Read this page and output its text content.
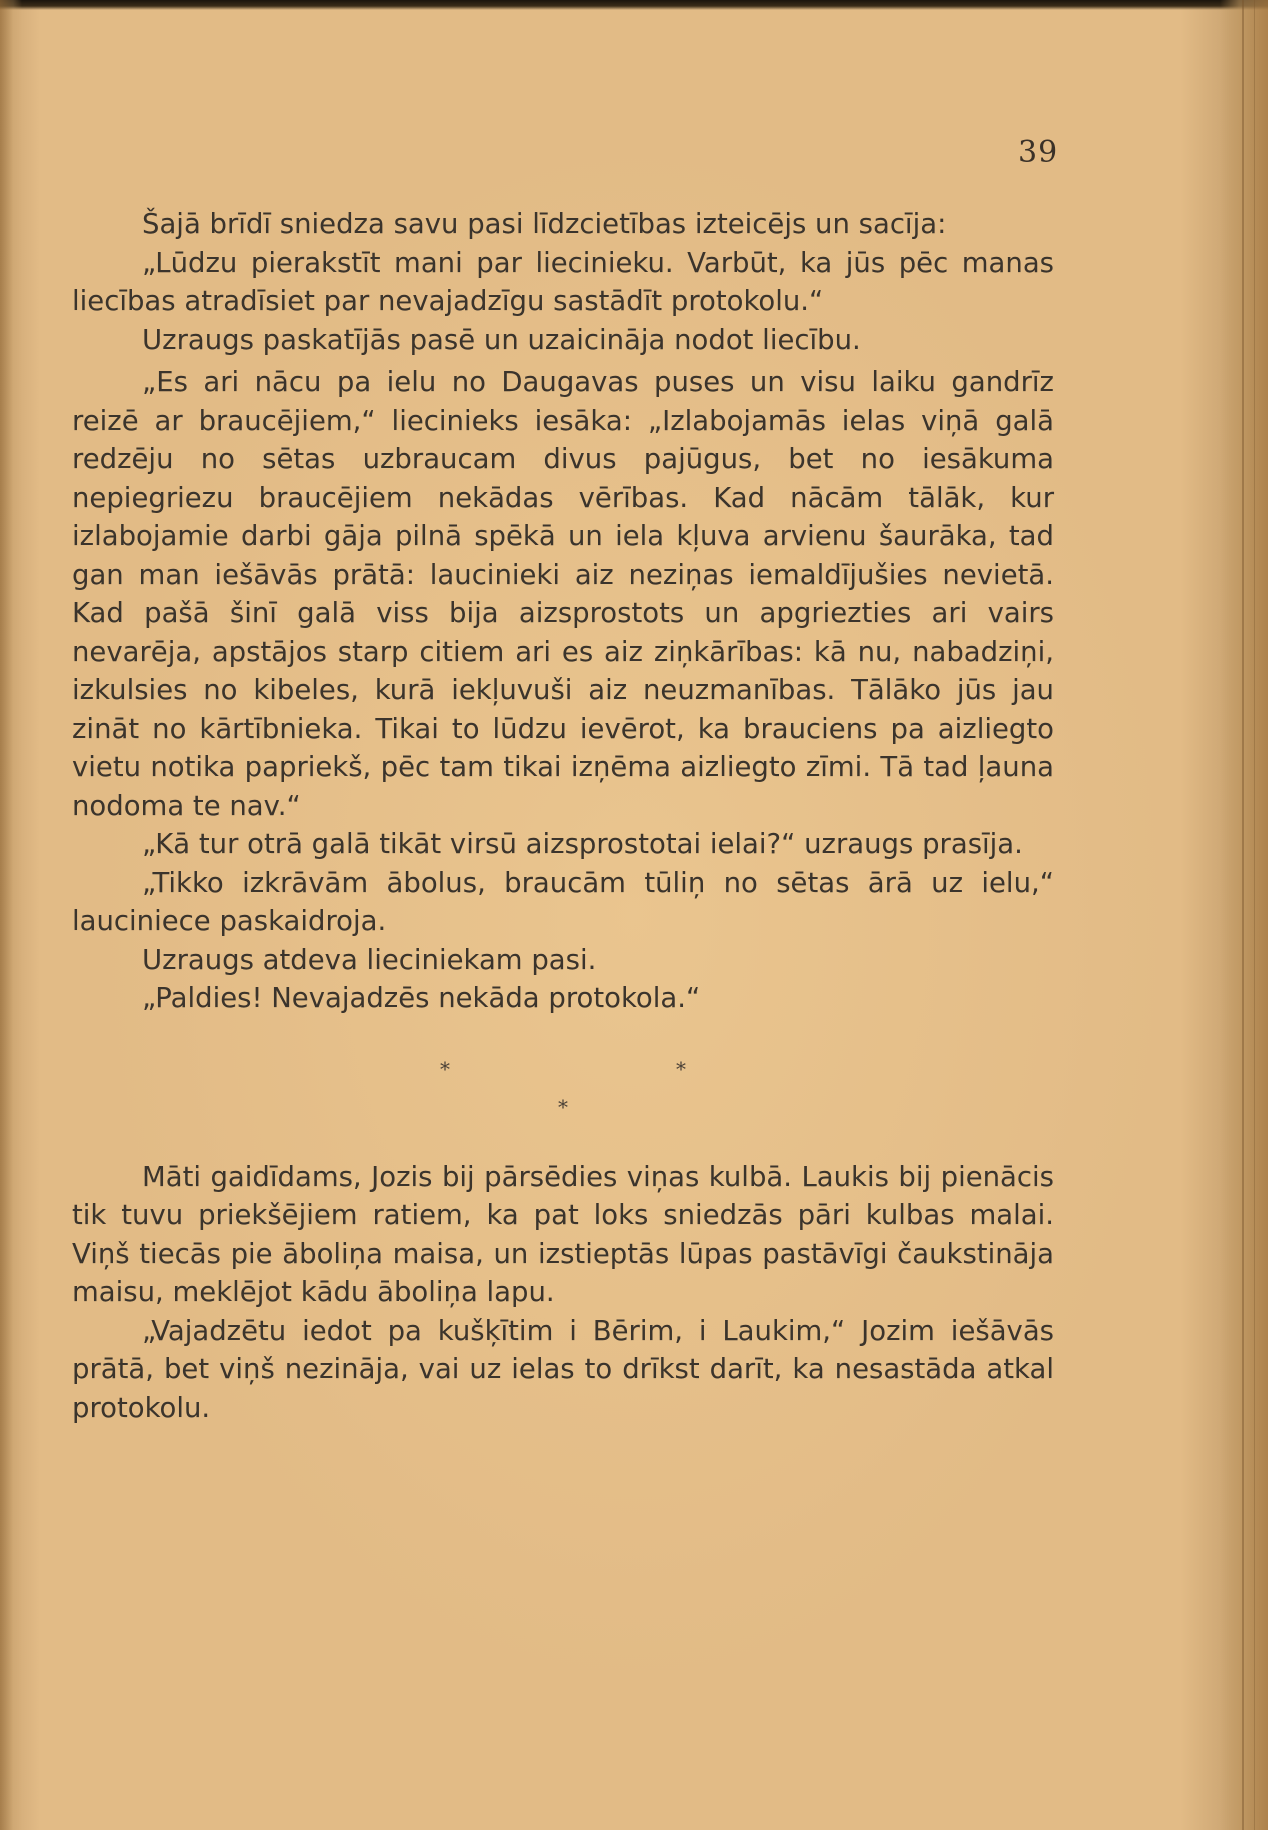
39

Šajā brīdī sniedza savu pasi līdzcietības izteicējs un sacīja:

„Lūdzu pierakstīt mani par liecinieku. Varbūt, ka jūs pēc manas liecības atradīsiet par nevajadzīgu sastādīt protokolu.“

Uzraugs paskatījās pasē un uzaicināja nodot liecību.

„Es ari nācu pa ielu no Daugavas puses un visu laiku gandrīz reizē ar braucējiem,“ liecinieks iesāka: „Izlabojamās ielas viņā galā redzēju no sētas uzbraucam divus pajūgus, bet no iesākuma nepiegriezu braucējiem nekādas vērības. Kad nācām tālāk, kur izlabojamie darbi gāja pilnā spēkā un iela kļuva arvienu šaurāka, tad gan man iešāvās prātā: laucinieki aiz neziņas iemaldījušies nevietā. Kad pašā šinī galā viss bija aizsprostots un apgriezties ari vairs nevarēja, apstājos starp citiem ari es aiz ziņkārības: kā nu, nabadziņi, izkulsies no kibeles, kurā iekļuvuši aiz neuzmanības. Tālāko jūs jau zināt no kārtībnieka. Tikai to lūdzu ievērot, ka brauciens pa aizliegto vietu notika papriekš, pēc tam tikai izņēma aizliegto zīmi. Tā tad ļauna nodoma te nav.“

„Kā tur otrā galā tikāt virsū aizsprostotai ielai?“ uzraugs prasīja.

„Tikko izkrāvām ābolus, braucām tūliņ no sētas ārā uz ielu,“ lauciniece paskaidroja.

Uzraugs atdeva lieciniekam pasi.

„Paldies! Nevajadzēs nekāda protokola.“

*	*
*

Māti gaidīdams, Jozis bij pārsēdies viņas kulbā. Laukis bij pienācis tik tuvu priekšējiem ratiem, ka pat loks sniedzās pāri kulbas malai. Viņš tiecās pie āboliņa maisa, un izstieptās lūpas pastāvīgi čaukstināja maisu, meklējot kādu āboliņa lapu.

„Vajadzētu iedot pa kušķītim i Bērim, i Laukim,“ Jozim iešāvās prātā, bet viņš nezināja, vai uz ielas to drīkst darīt, ka nesastāda atkal protokolu.
